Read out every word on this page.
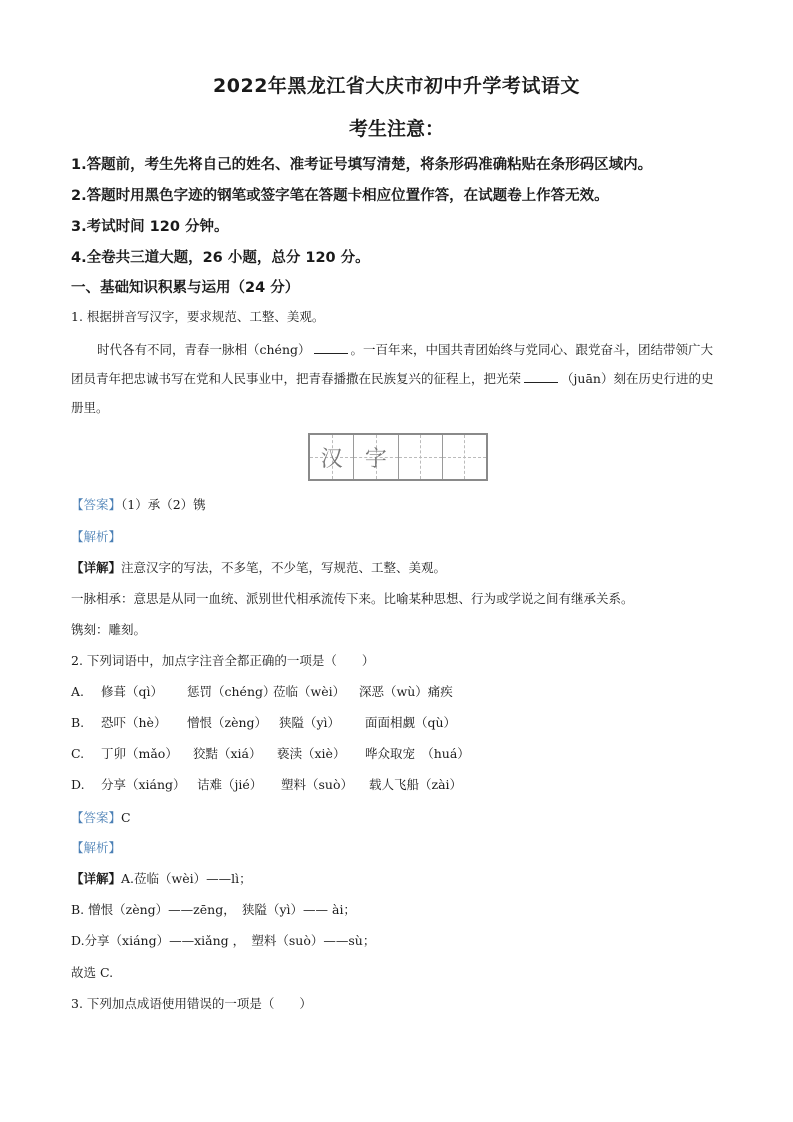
2022年黑龙江省大庆市初中升学考试语文
考生注意：
1.答题前，考生先将自己的姓名、准考证号填写清楚，将条形码准确粘贴在条形码区域内。
2.答题时用黑色字迹的钢笔或签字笔在答题卡相应位置作答，在试题卷上作答无效。
3.考试时间 120 分钟。
4.全卷共三道大题，26 小题，总分 120 分。
一、基础知识积累与运用（24 分）
1. 根据拼音写汉字，要求规范、工整、美观。
时代各有不同，青春一脉相（chéng）	。一百年来，中国共青团始终与党同心、跟党奋斗，团结带领广大团员青年把忠诚书写在党和人民事业中，把青春播撒在民族复兴的征程上，把光荣	（juān）刻在历史行进的史册里。
汉 字
【答案】（1）承（2）镌
【解析】
【详解】注意汉字的写法，不多笔，不少笔，写规范、工整、美观。
一脉相承：意思是从同一血统、派别世代相承流传下来。比喻某种思想、行为或学说之间有继承关系。
镌刻：雕刻。
2. 下列词语中，加点字注音全都正确的一项是（　　）
A. 修葺（qì） 惩罚（chéng）莅临（wèi） 深恶（wù）痛疾
B. 恐吓（hè） 憎恨（zèng） 狭隘（yì） 面面相觑（qù）
C. 丁卯（mǎo） 狡黠（xiá） 亵渎（xiè） 哗众取宠　（huá）
D. 分享（xiáng） 诘难（jié） 塑料（suò） 载人飞船（zài）
【答案】C
【解析】
【详解】A.莅临（wèi）——lì；
B. 憎恨（zèng）——zēng，　狭隘（yì）—— ài；
D.分享（xiáng）——xiǎng ，　塑料（suò）——sù；
故选 C.
3. 下列加点成语使用错误的一项是（　　）
